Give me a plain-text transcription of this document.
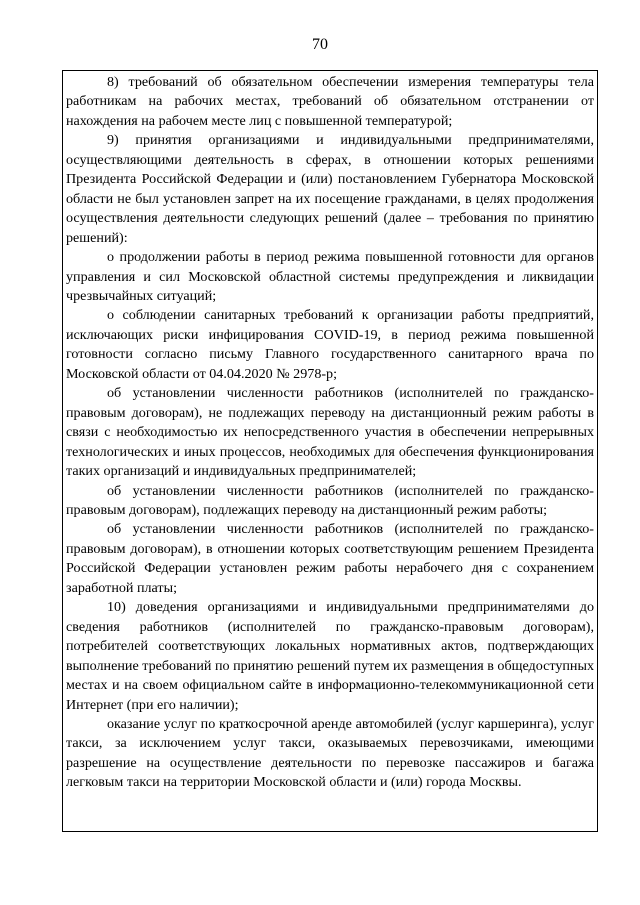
70

8) требований об обязательном обеспечении измерения температуры тела работникам на рабочих местах, требований об обязательном отстранении от нахождения на рабочем месте лиц с повышенной температурой;

9) принятия организациями и индивидуальными предпринимателями, осуществляющими деятельность в сферах, в отношении которых решениями Президента Российской Федерации и (или) постановлением Губернатора Московской области не был установлен запрет на их посещение гражданами, в целях продолжения осуществления деятельности следующих решений (далее – требования по принятию решений):

о продолжении работы в период режима повышенной готовности для органов управления и сил Московской областной системы предупреждения и ликвидации чрезвычайных ситуаций;

о соблюдении санитарных требований к организации работы предприятий, исключающих риски инфицирования COVID-19, в период режима повышенной готовности согласно письму Главного государственного санитарного врача по Московской области от 04.04.2020 № 2978-р;

об установлении численности работников (исполнителей по гражданско-правовым договорам), не подлежащих переводу на дистанционный режим работы в связи с необходимостью их непосредственного участия в обеспечении непрерывных технологических и иных процессов, необходимых для обеспечения функционирования таких организаций и индивидуальных предпринимателей;

об установлении численности работников (исполнителей по гражданско-правовым договорам), подлежащих переводу на дистанционный режим работы;

об установлении численности работников (исполнителей по гражданско-правовым договорам), в отношении которых соответствующим решением Президента Российской Федерации установлен режим работы нерабочего дня с сохранением заработной платы;

10) доведения организациями и индивидуальными предпринимателями до сведения работников (исполнителей по гражданско-правовым договорам), потребителей соответствующих локальных нормативных актов, подтверждающих выполнение требований по принятию решений путем их размещения в общедоступных местах и на своем официальном сайте в информационно-телекоммуникационной сети Интернет (при его наличии);

оказание услуг по краткосрочной аренде автомобилей (услуг каршеринга), услуг такси, за исключением услуг такси, оказываемых перевозчиками, имеющими разрешение на осуществление деятельности по перевозке пассажиров и багажа легковым такси на территории Московской области и (или) города Москвы.
